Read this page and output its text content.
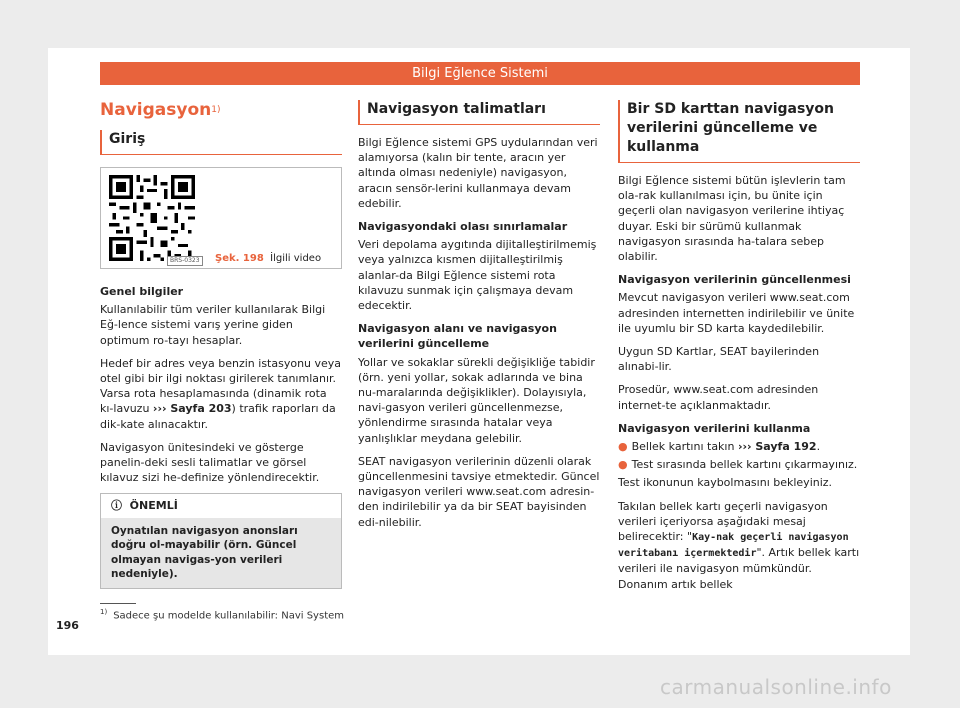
Bilgi Eğlence Sistemi
Navigasyon$^{1)}$
Giriş
BRS-0323	Şek. 198 İlgili video
Genel bilgiler

Kullanılabilir tüm veriler kullanılarak Bilgi Eğ-lence sistemi varış yerine giden optimum ro-tayı hesaplar.

Hedef bir adres veya benzin istasyonu veya otel gibi bir ilgi noktası girilerek tanımlanır. Varsa rota hesaplamasında (dinamik rota kı-lavuzu ››› Sayfa 203) trafik raporları da dik-kate alınacaktır.

Navigasyon ünitesindeki ve gösterge panelin-deki sesli talimatlar ve görsel kılavuz sizi he-definize yönlendirecektir.

ⓘ ÖNEMLİ
Oynatılan navigasyon anonsları doğru ol-mayabilir (örn. Güncel olmayan navigas-yon verileri nedeniyle).
Navigasyon talimatları

Bilgi Eğlence sistemi GPS uydularından veri alamıyorsa (kalın bir tente, aracın yer altında olması nedeniyle) navigasyon, aracın sensör-lerini kullanmaya devam edebilir.

Navigasyondaki olası sınırlamalar

Veri depolama aygıtında dijitalleştirilmemiş veya yalnızca kısmen dijitalleştirilmiş alanlar-da Bilgi Eğlence sistemi rota kılavuzu sunmak için çalışmaya devam edecektir.

Navigasyon alanı ve navigasyon verilerini güncelleme

Yollar ve sokaklar sürekli değişikliğe tabidir (örn. yeni yollar, sokak adlarında ve bina nu-maralarında değişiklikler). Dolayısıyla, navi-gasyon verileri güncellenmezse, yönlendirme sırasında hatalar veya yanlışlıklar meydana gelebilir.

SEAT navigasyon verilerinin düzenli olarak güncellenmesini tavsiye etmektedir. Güncel navigasyon verileri www.seat.com adresin-den indirilebilir ya da bir SEAT bayisinden edi-nilebilir.

Bir SD karttan navigasyon verilerini güncelleme ve kullanma

Bilgi Eğlence sistemi bütün işlevlerin tam ola-rak kullanılması için, bu ünite için geçerli olan navigasyon verilerine ihtiyaç duyar. Eski bir sürümü kullanmak navigasyon sırasında ha-talara sebep olabilir.

Navigasyon verilerinin güncellenmesi

Mevcut navigasyon verileri www.seat.com adresinden internetten indirilebilir ve ünite ile uyumlu bir SD karta kaydedilebilir.

Uygun SD Kartlar, SEAT bayilerinden alınabi-lir.

Prosedür, www.seat.com adresinden internet-te açıklanmaktadır.

Navigasyon verilerini kullanma
● Bellek kartını takın ››› Sayfa 192.
● Test sırasında bellek kartını çıkarmayınız.

Test ikonunun kaybolmasını bekleyiniz.

Takılan bellek kartı geçerli navigasyon verileri içeriyorsa aşağıdaki mesaj belirecektir: "Kay-nak geçerli navigasyon veritabanı içermektedir". Artık bellek kartı verileri ile navigasyon mümkündür. Donanım artık bellek

$^{1)}$ Sadece şu modelde kullanılabilir: Navi System
196
carmanualsonline.info
